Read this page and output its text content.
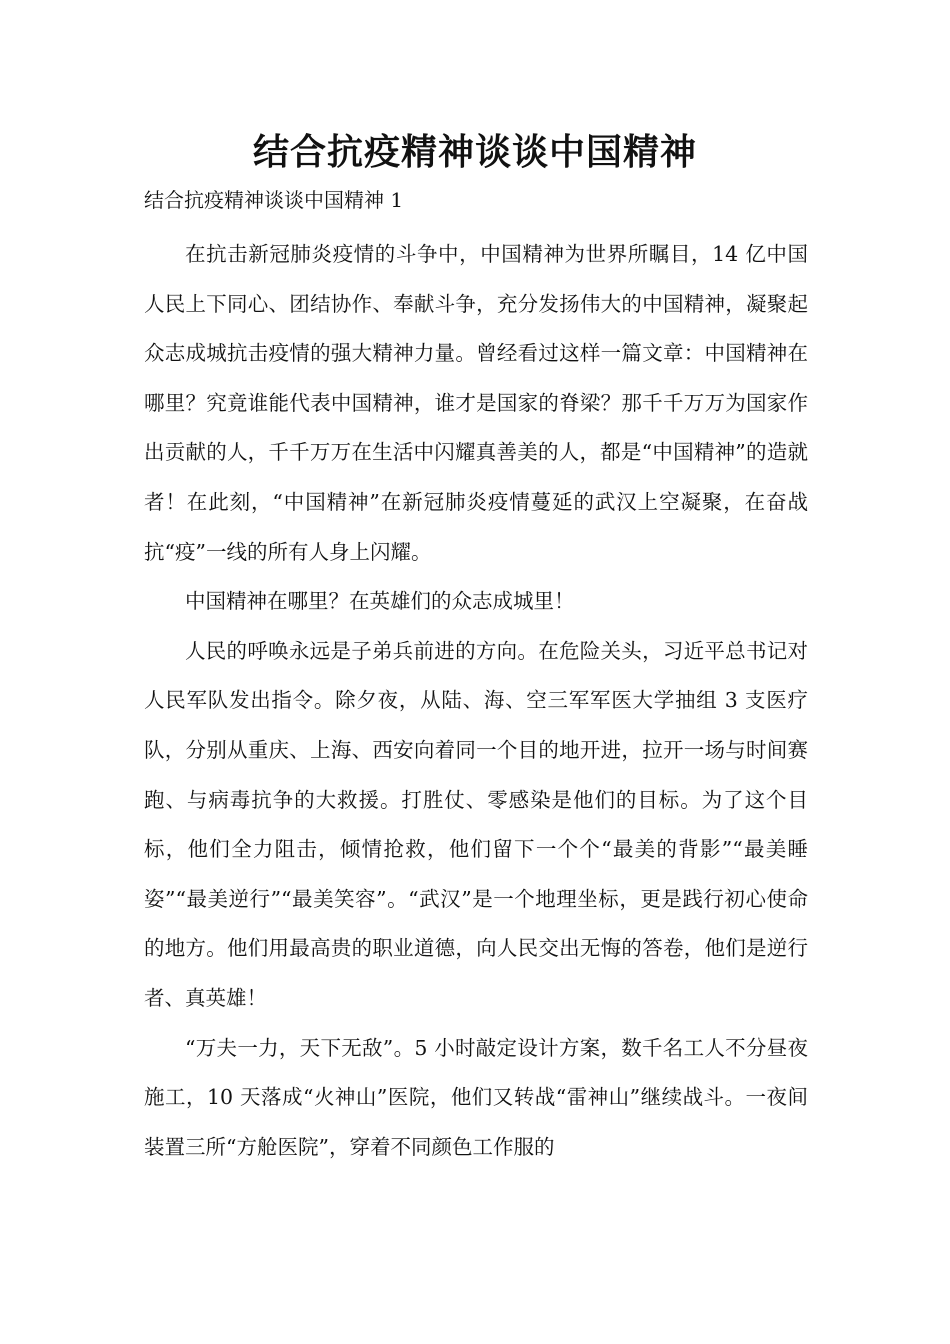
结合抗疫精神谈谈中国精神

结合抗疫精神谈谈中国精神 1

在抗击新冠肺炎疫情的斗争中，中国精神为世界所瞩目，14 亿中国人民上下同心、团结协作、奉献斗争，充分发扬伟大的中国精神，凝聚起众志成城抗击疫情的强大精神力量。曾经看过这样一篇文章：中国精神在哪里？究竟谁能代表中国精神，谁才是国家的脊梁？那千千万万为国家作出贡献的人，千千万万在生活中闪耀真善美的人，都是“中国精神”的造就者！在此刻，“中国精神”在新冠肺炎疫情蔓延的武汉上空凝聚，在奋战抗“疫”一线的所有人身上闪耀。

中国精神在哪里？在英雄们的众志成城里！

人民的呼唤永远是子弟兵前进的方向。在危险关头，习近平总书记对人民军队发出指令。除夕夜，从陆、海、空三军军医大学抽组 3 支医疗队，分别从重庆、上海、西安向着同一个目的地开进，拉开一场与时间赛跑、与病毒抗争的大救援。打胜仗、零感染是他们的目标。为了这个目标，他们全力阻击，倾情抢救，他们留下一个个“最美的背影”“最美睡姿”“最美逆行”“最美笑容”。“武汉”是一个地理坐标，更是践行初心使命的地方。他们用最高贵的职业道德，向人民交出无悔的答卷，他们是逆行者、真英雄！

“万夫一力，天下无敌”。5 小时敲定设计方案，数千名工人不分昼夜施工，10 天落成“火神山”医院，他们又转战“雷神山”继续战斗。一夜间装置三所“方舱医院”，穿着不同颜色工作服的
